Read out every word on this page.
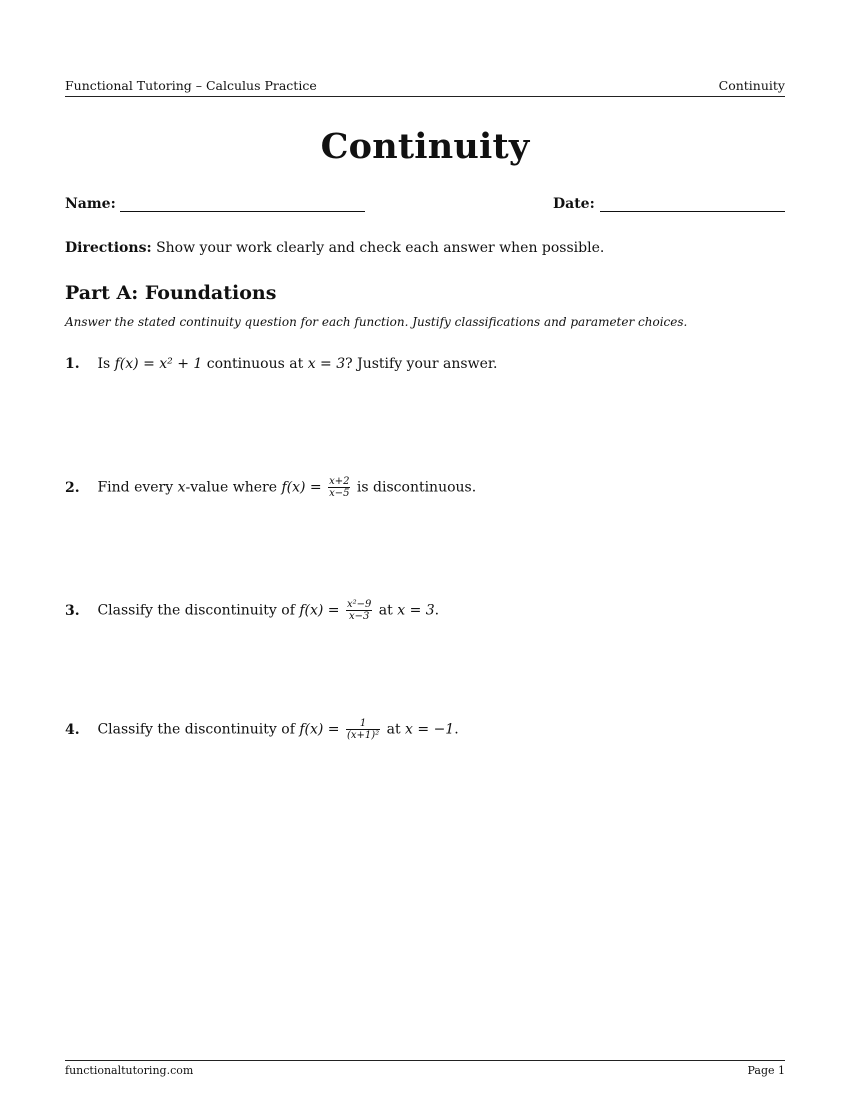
Functional Tutoring – Calculus Practice	Continuity
Continuity
Name:	Date:
Directions: Show your work clearly and check each answer when possible.
Part A: Foundations
Answer the stated continuity question for each function. Justify classifications and parameter choices.
1. Is f(x) = x² + 1 continuous at x = 3? Justify your answer.
2. Find every x-value where $f(x) = \frac{x+2}{x-5}$ is discontinuous.
3. Classify the discontinuity of $f(x) = \frac{\text{x²−9}}{x-3}$ at x = 3.
4. Classify the discontinuity of $f(x) = \frac{1}{\text{(x+1)²}}$ at x = −1.
functionaltutoring.com	Page 1
